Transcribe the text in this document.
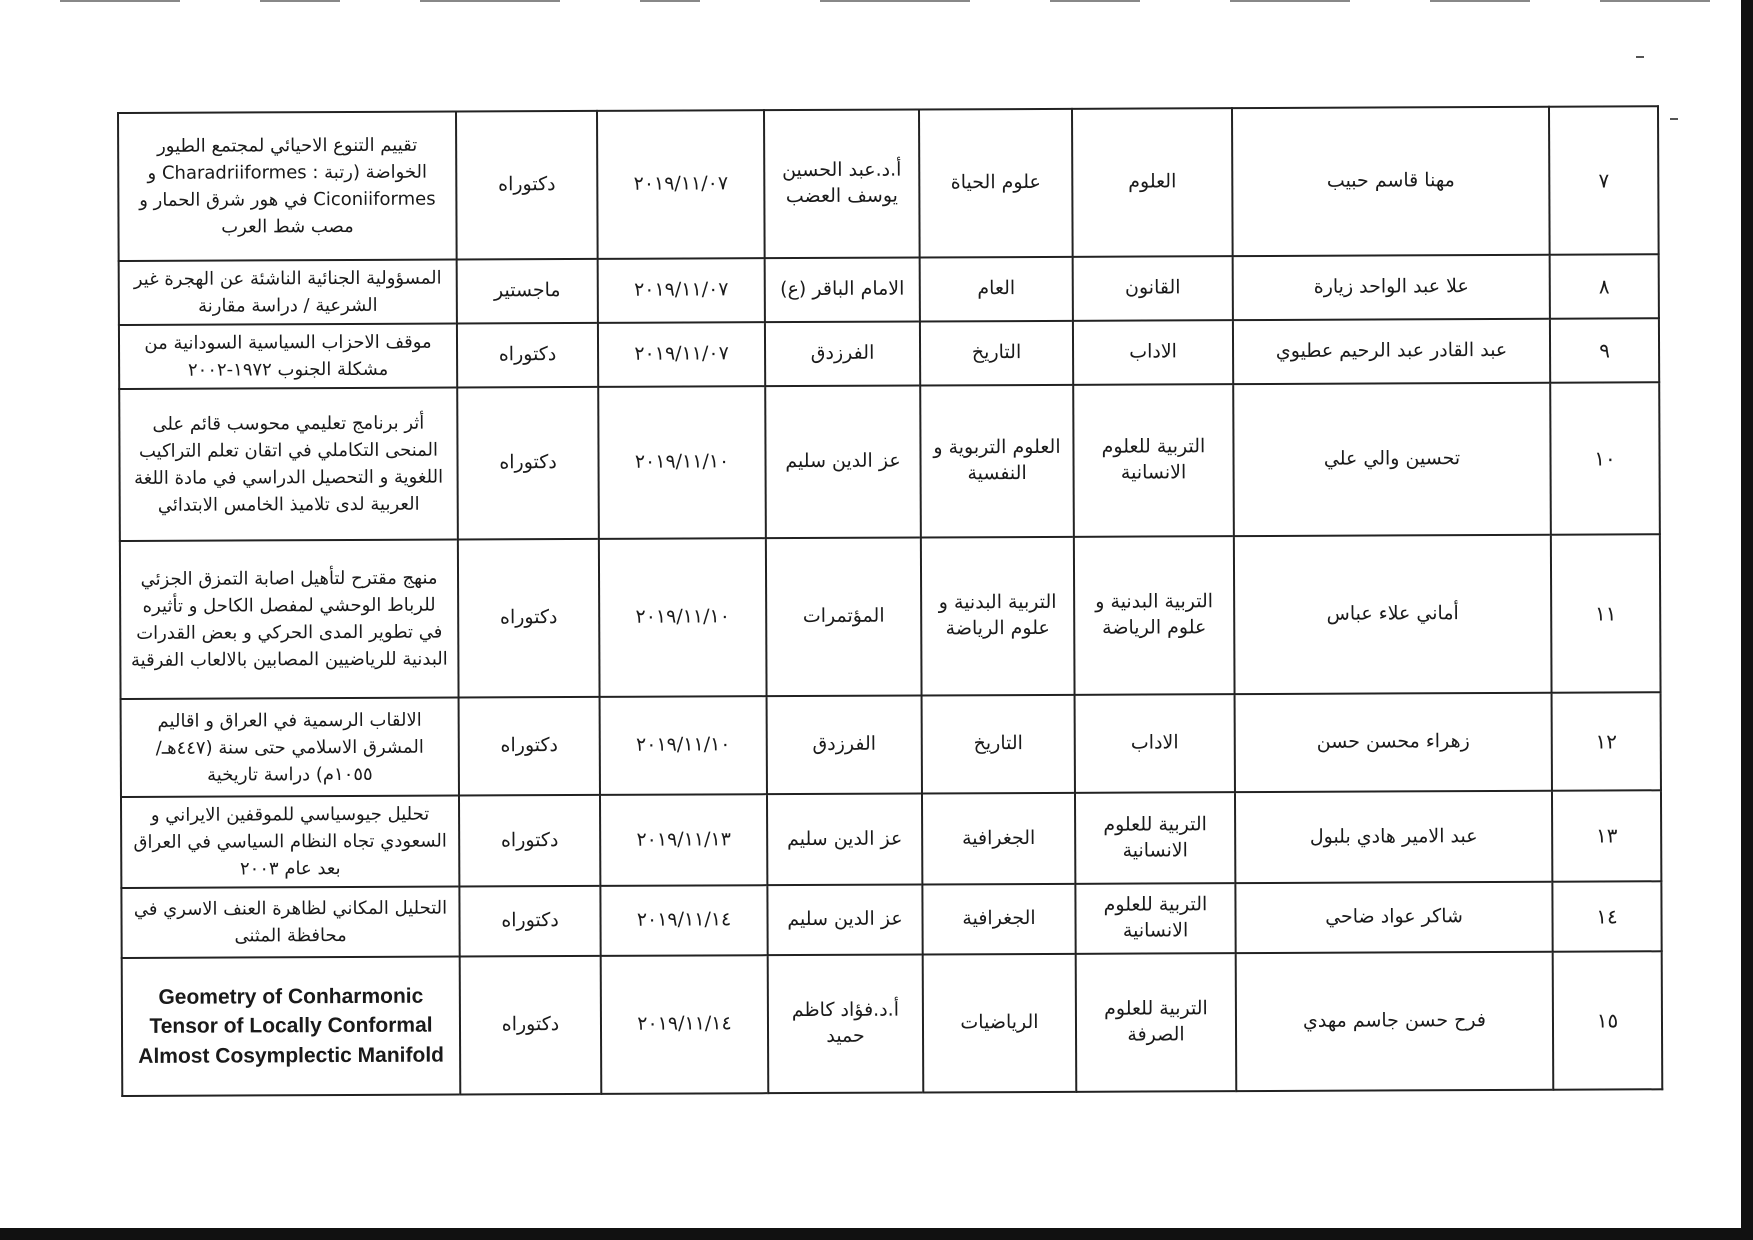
٧	مهنا قاسم حبيب	العلوم	علوم الحياة	أ.د.عبد الحسين يوسف العضب	٢٠١٩/١١/٠٧	دكتوراه	تقييم التنوع الاحيائي لمجتمع الطيور الخواضة (رتبة : Charadriiformes و Ciconiiformes في هور شرق الحمار و مصب شط العرب
٨	علا عبد الواحد زيارة	القانون	العام	الامام الباقر (ع)	٢٠١٩/١١/٠٧	ماجستير	المسؤولية الجنائية الناشئة عن الهجرة غير الشرعية / دراسة مقارنة
٩	عبد القادر عبد الرحيم عطيوي	الاداب	التاريخ	الفرزدق	٢٠١٩/١١/٠٧	دكتوراه	موقف الاحزاب السياسية السودانية من مشكلة الجنوب ١٩٧٢-٢٠٠٢
١٠	تحسين والي علي	التربية للعلوم الانسانية	العلوم التربوية و النفسية	عز الدين سليم	٢٠١٩/١١/١٠	دكتوراه	أثر برنامج تعليمي محوسب قائم على المنحى التكاملي في اتقان تعلم التراكيب اللغوية و التحصيل الدراسي في مادة اللغة العربية لدى تلاميذ الخامس الابتدائي
١١	أماني علاء عباس	التربية البدنية و علوم الرياضة	التربية البدنية و علوم الرياضة	المؤتمرات	٢٠١٩/١١/١٠	دكتوراه	منهج مقترح لتأهيل اصابة التمزق الجزئي للرباط الوحشي لمفصل الكاحل و تأثيره في تطوير المدى الحركي و بعض القدرات البدنية للرياضيين المصابين بالالعاب الفرقية
١٢	زهراء محسن حسن	الاداب	التاريخ	الفرزدق	٢٠١٩/١١/١٠	دكتوراه	الالقاب الرسمية في العراق و اقاليم المشرق الاسلامي حتى سنة (٤٤٧هـ/١٠٥٥م) دراسة تاريخية
١٣	عبد الامير هادي بلبول	التربية للعلوم الانسانية	الجغرافية	عز الدين سليم	٢٠١٩/١١/١٣	دكتوراه	تحليل جيوسياسي للموقفين الايراني و السعودي تجاه النظام السياسي في العراق بعد عام ٢٠٠٣
١٤	شاكر عواد ضاحي	التربية للعلوم الانسانية	الجغرافية	عز الدين سليم	٢٠١٩/١١/١٤	دكتوراه	التحليل المكاني لظاهرة العنف الاسري في محافظة المثنى
١٥	فرح حسن جاسم مهدي	التربية للعلوم الصرفة	الرياضيات	أ.د.فؤاد كاظم حميد	٢٠١٩/١١/١٤	دكتوراه	Geometry of Conharmonic Tensor of Locally Conformal Almost Cosymplectic Manifold
